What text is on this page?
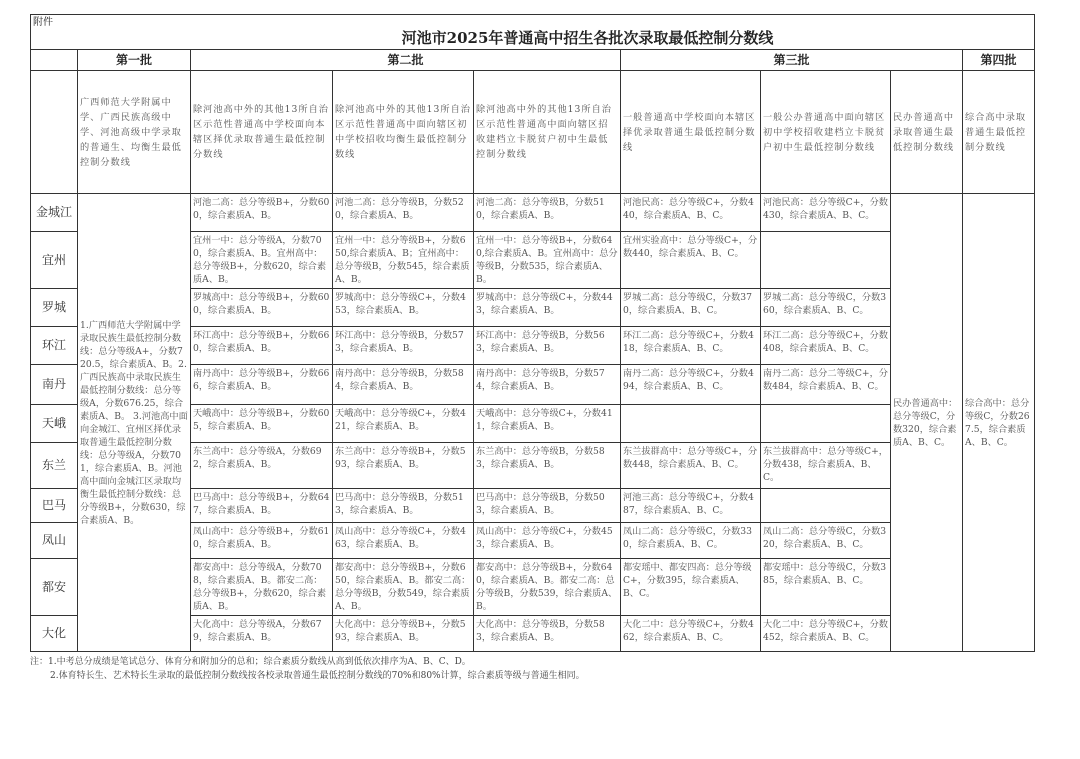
附件
河池市2025年普通高中招生各批次录取最低控制分数线								

	第一批	第二批			第三批			第四批
	广西师范大学附属中学、广西民族高级中学、河池高级中学录取的普通生、均衡生最低控制分数线	除河池高中外的其他13所自治区示范性普通高中学校面向本辖区择优录取普通生最低控制分数线	除河池高中外的其他13所自治区示范性普通高中面向辖区初中学校招收均衡生最低控制分数线	除河池高中外的其他13所自治区示范性普通高中面向辖区招收建档立卡脱贫户初中生最低控制分数线	一般普通高中学校面向本辖区择优录取普通生最低控制分数线	一般公办普通高中面向辖区初中学校招收建档立卡脱贫户初中生最低控制分数线	民办普通高中录取普通生最低控制分数线	综合高中录取普通生最低控制分数线
金城江	1.广西师范大学附属中学录取民族生最低控制分数线：总分等级A+，分数720.5，综合素质A、B。2.广西民族高中录取民族生最低控制分数线：总分等级A，分数676.25，综合素质A、B。 3.河池高中面向金城江、宜州区择优录取普通生最低控制分数线：总分等级A，分数701，综合素质A、B。河池高中面向金城江区录取均衡生最低控制分数线：总分等级B+，分数630，综合素质A、B。	河池二高：总分等级B+，分数600，综合素质A、B。	河池二高：总分等级B，分数520，综合素质A、B。	河池二高：总分等级B，分数510，综合素质A、B。	河池民高：总分等级C+，分数440，综合素质A、B、C。	河池民高：总分等级C+，分数430，综合素质A、B、C。	民办普通高中：总分等级C，分数320，综合素质A、B、C。	综合高中：总分等级C，分数267.5，综合素质A、B、C。
宜州		宜州一中：总分等级A，分数700，综合素质A、B。宜州高中：总分等级B+，分数620，综合素质A、B。	宜州一中：总分等级B+，分数650,综合素质A、B；宜州高中：总分等级B，分数545，综合素质A、B。	宜州一中：总分等级B+，分数640,综合素质A、B。宜州高中：总分等级B，分数535，综合素质A、B。	宜州实验高中：总分等级C+，分数440，综合素质A、B、C。			
罗城		罗城高中：总分等级B+，分数600，综合素质A、B。	罗城高中：总分等级C+，分数453，综合素质A、B。	罗城高中：总分等级C+，分数443，综合素质A、B。	罗城二高：总分等级C，分数370，综合素质A、B、C。	罗城二高：总分等级C，分数360，综合素质A、B、C。		
环江		环江高中：总分等级B+，分数660，综合素质A、B。	环江高中：总分等级B，分数573，综合素质A、B。	环江高中：总分等级B，分数563，综合素质A、B。	环江二高：总分等级C+，分数418，综合素质A、B、C。	环江二高：总分等级C+，分数408，综合素质A、B、C。		
南丹		南丹高中：总分等级B+，分数666，综合素质A、B。	南丹高中：总分等级B，分数584，综合素质A、B。	南丹高中：总分等级B，分数574，综合素质A、B。	南丹二高：总分等级C+，分数494，综合素质A、B、C。	南丹二高：总分二等级C+，分数484，综合素质A、B、C。		
天峨		天峨高中：总分等级B+，分数605，综合素质A、B。	天峨高中：总分等级C+，分数421，综合素质A、B。	天峨高中：总分等级C+，分数411，综合素质A、B。				
东兰		东兰高中：总分等级A，分数692，综合素质A、B。	东兰高中：总分等级B+，分数593，综合素质A、B。	东兰高中：总分等级B，分数583，综合素质A、B。	东兰拔群高中：总分等级C+，分数448，综合素质A、B、C。	东兰拔群高中：总分等级C+，分数438，综合素质A、B、C。		
巴马		巴马高中：总分等级B+，分数647，综合素质A、B。	巴马高中：总分等级B，分数513，综合素质A、B。	巴马高中：总分等级B，分数503，综合素质A、B。	河池三高：总分等级C+，分数487，综合素质A、B、C。			
凤山		凤山高中：总分等级B+，分数610，综合素质A、B。	凤山高中：总分等级C+，分数463，综合素质A、B。	凤山高中：总分等级C+，分数453，综合素质A、B。	凤山二高：总分等级C，分数330，综合素质A、B、C。	凤山二高：总分等级C，分数320，综合素质A、B、C。		
都安		都安高中：总分等级A，分数708，综合素质A、B。都安二高：总分等级B+，分数620，综合素质A、B。	都安高中：总分等级B+，分数650，综合素质A、B。都安二高：总分等级B，分数549，综合素质A、B。	都安高中：总分等级B+，分数640，综合素质A、B。都安二高：总分等级B，分数539，综合素质A、B。	都安瑶中、都安四高：总分等级C+，分数395，综合素质A、B、C。	都安瑶中：总分等级C，分数385，综合素质A、B、C。		
大化		大化高中：总分等级A，分数679，综合素质A、B。	大化高中：总分等级B+，分数593，综合素质A、B。	大化高中：总分等级B，分数583，综合素质A、B。	大化二中：总分等级C+，分数462，综合素质A、B、C。	大化二中：总分等级C+，分数452，综合素质A、B、C。		
注：1.中考总分成绩是笔试总分、体育分和附加分的总和；综合素质分数线从高到低依次排序为A、B、C、D。
2.体育特长生、艺术特长生录取的最低控制分数线按各校录取普通生最低控制分数线的70%和80%计算，综合素质等级与普通生相同。
